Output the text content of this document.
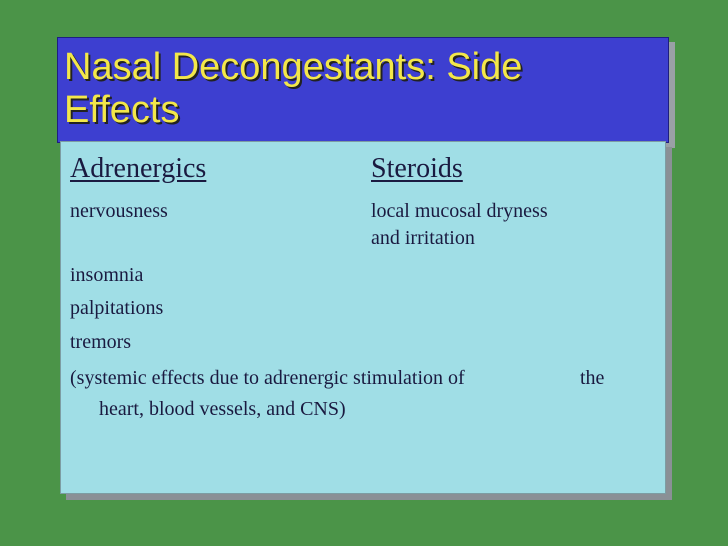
Nasal Decongestants: Side
Effects
Adrenergics	Steroids
nervousness	local mucosal dryness
and irritation
insomnia
palpitations
tremors
(systemic effects due to adrenergic stimulation of	the
heart, blood vessels, and CNS)
